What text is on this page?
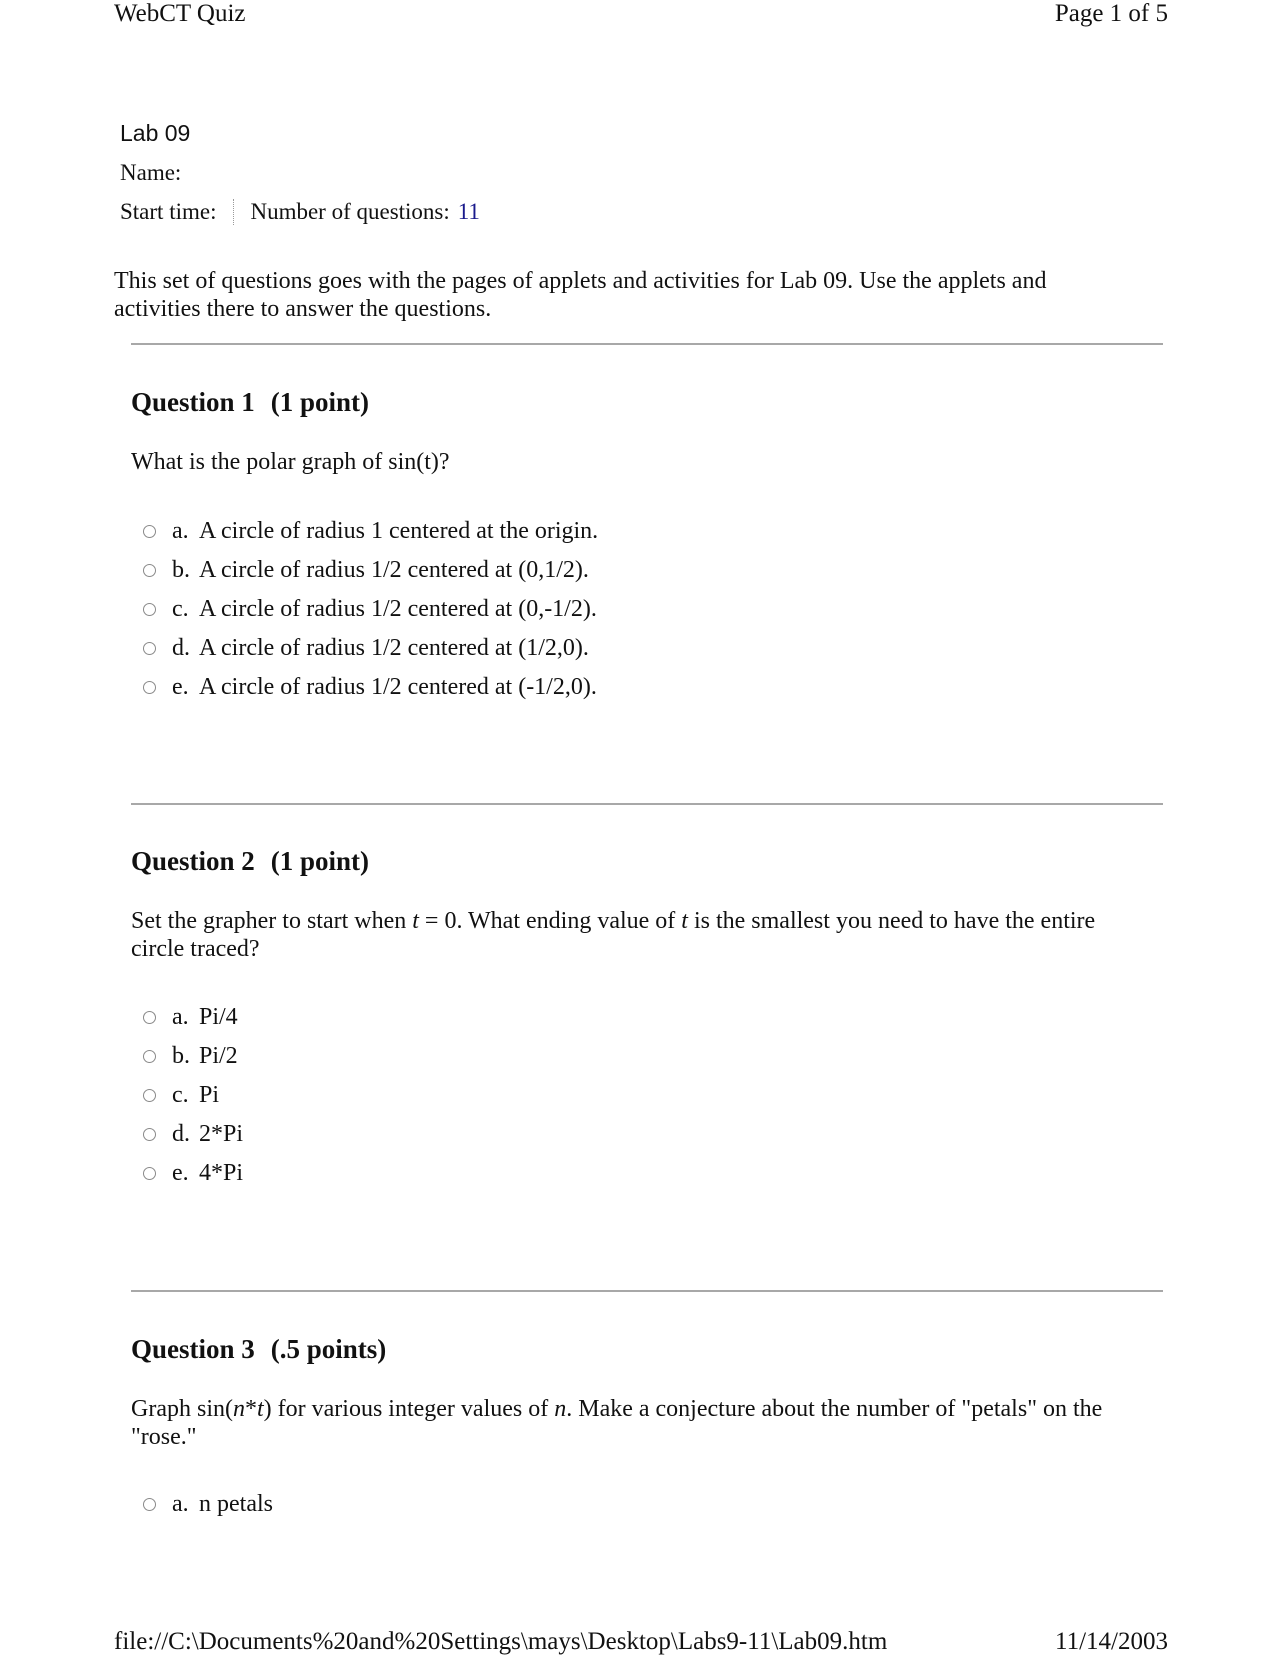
WebCT Quiz	Page 1 of 5
Lab 09
Name:
Start time: Number of questions: 11
This set of questions goes with the pages of applets and activities for Lab 09. Use the applets and activities there to answer the questions.
Question 1 (1 point)
What is the polar graph of sin(t)?
a. A circle of radius 1 centered at the origin.
b. A circle of radius 1/2 centered at (0,1/2).
c. A circle of radius 1/2 centered at (0,-1/2).
d. A circle of radius 1/2 centered at (1/2,0).
e. A circle of radius 1/2 centered at (-1/2,0).
Question 2 (1 point)
Set the grapher to start when t = 0. What ending value of t is the smallest you need to have the entire circle traced?
a. Pi/4
b. Pi/2
c. Pi
d. 2*Pi
e. 4*Pi
Question 3 (.5 points)
Graph sin(n*t) for various integer values of n. Make a conjecture about the number of "petals" on the "rose."
a. n petals
file://C:\Documents%20and%20Settings\mays\Desktop\Labs9-11\Lab09.htm	11/14/2003
